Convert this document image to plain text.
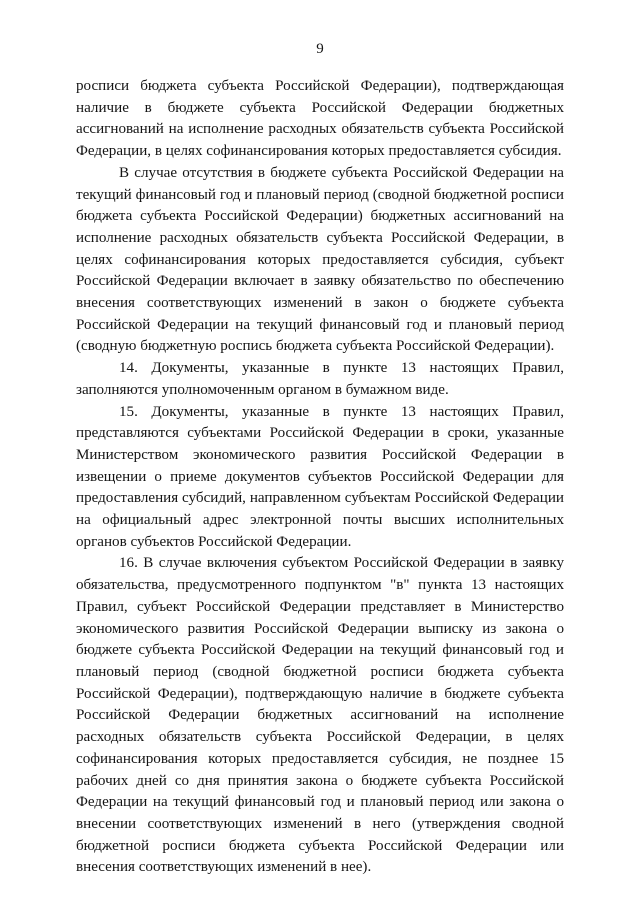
9

росписи бюджета субъекта Российской Федерации), подтверждающая наличие в бюджете субъекта Российской Федерации бюджетных ассигнований на исполнение расходных обязательств субъекта Российской Федерации, в целях софинансирования которых предоставляется субсидия.

В случае отсутствия в бюджете субъекта Российской Федерации на текущий финансовый год и плановый период (сводной бюджетной росписи бюджета субъекта Российской Федерации) бюджетных ассигнований на исполнение расходных обязательств субъекта Российской Федерации, в целях софинансирования которых предоставляется субсидия, субъект Российской Федерации включает в заявку обязательство по обеспечению внесения соответствующих изменений в закон о бюджете субъекта Российской Федерации на текущий финансовый год и плановый период (сводную бюджетную роспись бюджета субъекта Российской Федерации).

14. Документы, указанные в пункте 13 настоящих Правил, заполняются уполномоченным органом в бумажном виде.

15. Документы, указанные в пункте 13 настоящих Правил, представляются субъектами Российской Федерации в сроки, указанные Министерством экономического развития Российской Федерации в извещении о приеме документов субъектов Российской Федерации для предоставления субсидий, направленном субъектам Российской Федерации на официальный адрес электронной почты высших исполнительных органов субъектов Российской Федерации.

16. В случае включения субъектом Российской Федерации в заявку обязательства, предусмотренного подпунктом "в" пункта 13 настоящих Правил, субъект Российской Федерации представляет в Министерство экономического развития Российской Федерации выписку из закона о бюджете субъекта Российской Федерации на текущий финансовый год и плановый период (сводной бюджетной росписи бюджета субъекта Российской Федерации), подтверждающую наличие в бюджете субъекта Российской Федерации бюджетных ассигнований на исполнение расходных обязательств субъекта Российской Федерации, в целях софинансирования которых предоставляется субсидия, не позднее 15 рабочих дней со дня принятия закона о бюджете субъекта Российской Федерации на текущий финансовый год и плановый период или закона о внесении соответствующих изменений в него (утверждения сводной бюджетной росписи бюджета субъекта Российской Федерации или внесения соответствующих изменений в нее).
